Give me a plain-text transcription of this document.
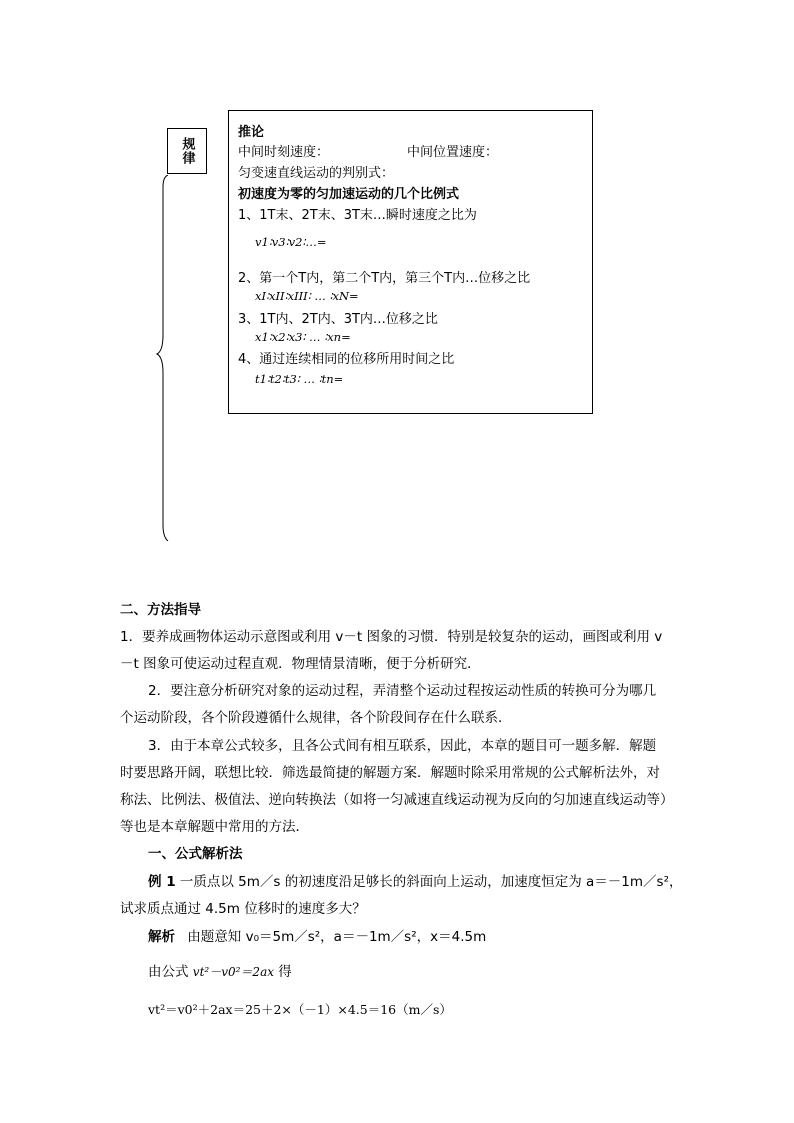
规律
推论
中间时刻速度：	中间位置速度：
匀变速直线运动的判别式：
初速度为零的匀加速运动的几个比例式
1、1T末、2T末、3T末…瞬时速度之比为
v1∶v3∶v2∶…=
2、第一个T内，第二个T内，第三个T内…位移之比
xI∶xII∶xIII∶ … ∶xN=
3、1T内、2T内、3T内…位移之比
x1∶x2∶x3∶ … ∶xn=
4、通过连续相同的位移所用时间之比
t1∶t2∶t3∶ … ∶tn=
二、方法指导
1．要养成画物体运动示意图或利用 v－t 图象的习惯．特别是较复杂的运动，画图或利用 v
－t 图象可使运动过程直观．物理情景清晰，便于分析研究．
2．要注意分析研究对象的运动过程，弄清整个运动过程按运动性质的转换可分为哪几
个运动阶段，各个阶段遵循什么规律，各个阶段间存在什么联系．
3．由于本章公式较多，且各公式间有相互联系，因此，本章的题目可一题多解．解题
时要思路开阔，联想比较．筛选最简捷的解题方案．解题时除采用常规的公式解析法外，对
称法、比例法、极值法、逆向转换法（如将一匀减速直线运动视为反向的匀加速直线运动等）
等也是本章解题中常用的方法．
一、公式解析法
例 1 一质点以 5m／s 的初速度沿足够长的斜面向上运动，加速度恒定为 a＝－1m／s²，
试求质点通过 4.5m 位移时的速度多大？
解析 由题意知 v₀＝5m／s²，a＝－1m／s²，x＝4.5m
由公式 vt²－v0²＝2ax 得
vt²＝v0²＋2ax＝25＋2×（－1）×4.5＝16（m／s）
